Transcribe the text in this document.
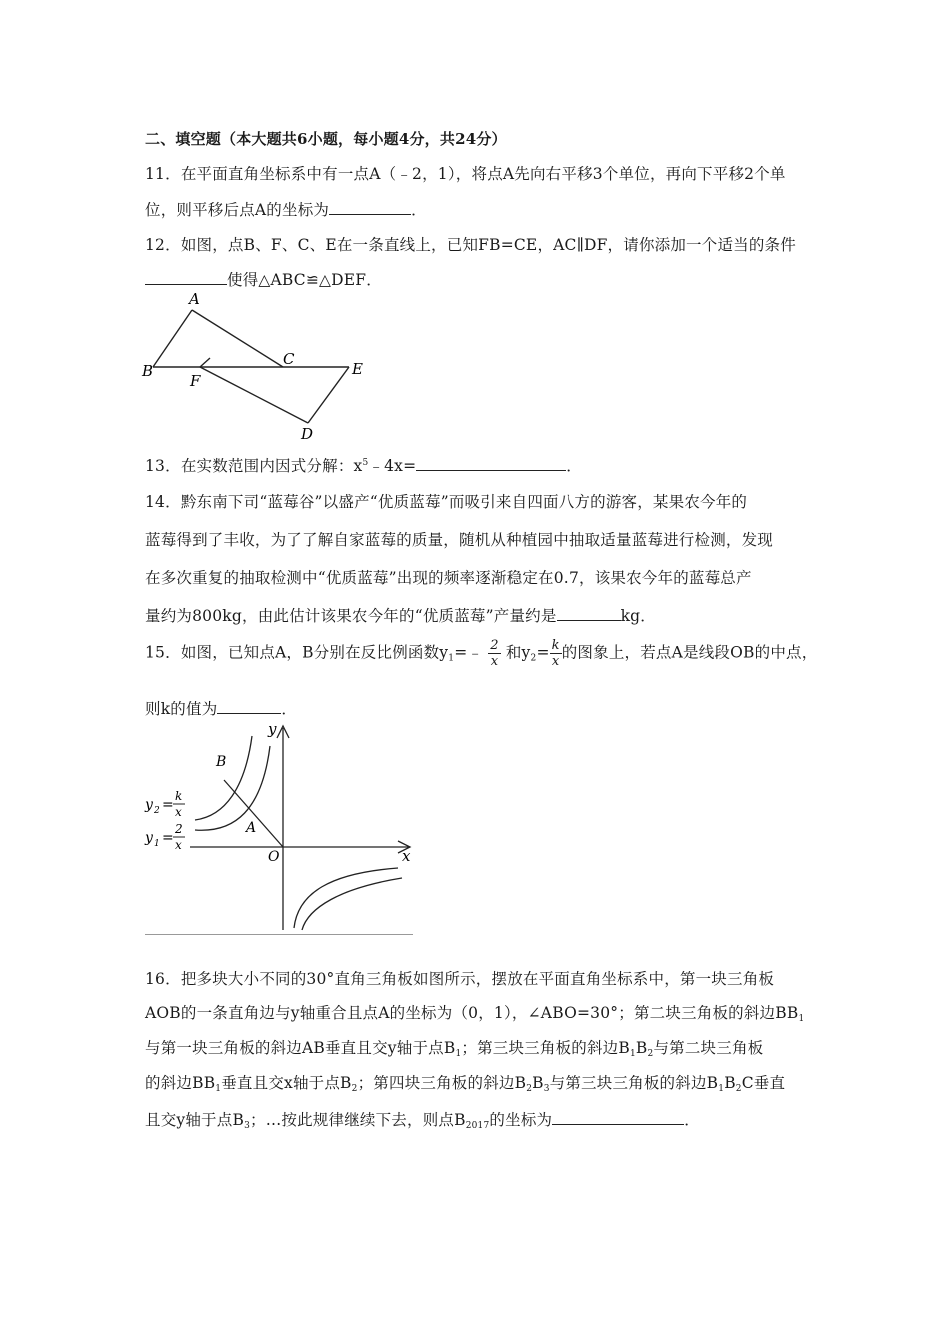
二、填空题（本大题共6小题，每小题4分，共24分）
11．在平面直角坐标系中有一点A（﹣2，1），将点A先向右平移3个单位，再向下平移2个单
位，则平移后点A的坐标为	．
12．如图，点B、F、C、E在一条直线上，已知FB=CE，AC∥DF，请你添加一个适当的条件
使得△ABC≌△DEF．
A
B
C
E
F
D
13．在实数范围内因式分解：$x^5﹣4x=$	．
14．黔东南下司“蓝莓谷”以盛产“优质蓝莓”而吸引来自四面八方的游客，某果农今年的
蓝莓得到了丰收，为了了解自家蓝莓的质量，随机从种植园中抽取适量蓝莓进行检测，发现
在多次重复的抽取检测中“优质蓝莓”出现的频率逐渐稳定在0.7，该果农今年的蓝莓总产
量约为800kg，由此估计该果农今年的“优质蓝莓”产量约是	kg．
15．如图，已知点A，B分别在反比例函数$y_1=﹣ \frac{2}{x}$ 和$y_2= \frac{k}{x}$ 的图象上，若点A是线段OB的中点，
则k的值为	．
y
x
O
A
B
y 2 =
k
x
y 1 =
2
x
16．把多块大小不同的30°直角三角板如图所示，摆放在平面直角坐标系中，第一块三角板
AOB的一条直角边与y轴重合且点A的坐标为（0，1），∠ABO=30°；第二块三角板的斜边$BB_1$
与第一块三角板的斜边AB垂直且交y轴于点$B_1$；第三块三角板的斜边$B_1B_2$与第二块三角板
的斜边$BB_1$垂直且交x轴于点$B_2$；第四块三角板的斜边$B_2B_3$与第三块三角板的斜边$B_1B_2C$垂直
且交y轴于点$B_3$；…按此规律继续下去，则点$B_{2017}$的坐标为	．
